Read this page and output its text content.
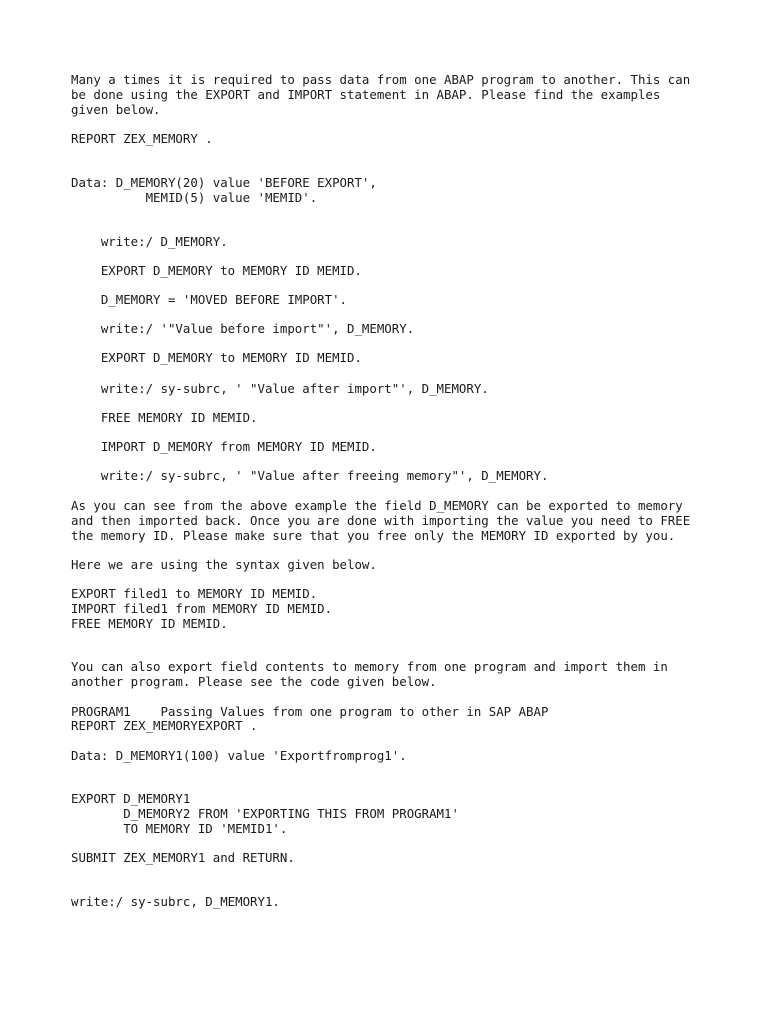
Many a times it is required to pass data from one ABAP program to another. This can

be done using the EXPORT and IMPORT statement in ABAP. Please find the examples

given below.

REPORT ZEX_MEMORY .

Data: D_MEMORY(20) value 'BEFORE EXPORT',

MEMID(5) value 'MEMID'.

write:/ D_MEMORY.

EXPORT D_MEMORY to MEMORY ID MEMID.

D_MEMORY = 'MOVED BEFORE IMPORT'.

write:/ '"Value before import"', D_MEMORY.

EXPORT D_MEMORY to MEMORY ID MEMID.

write:/ sy-subrc, ' "Value after import"', D_MEMORY.

FREE MEMORY ID MEMID.

IMPORT D_MEMORY from MEMORY ID MEMID.

write:/ sy-subrc, ' "Value after freeing memory"', D_MEMORY.

As you can see from the above example the field D_MEMORY can be exported to memory

and then imported back. Once you are done with importing the value you need to FREE

the memory ID. Please make sure that you free only the MEMORY ID exported by you.

Here we are using the syntax given below.

EXPORT filed1 to MEMORY ID MEMID.

IMPORT filed1 from MEMORY ID MEMID.

FREE MEMORY ID MEMID.

You can also export field contents to memory from one program and import them in

another program. Please see the code given below.

PROGRAM1    Passing Values from one program to other in SAP ABAP

REPORT ZEX_MEMORYEXPORT .

Data: D_MEMORY1(100) value 'Exportfromprog1'.

EXPORT D_MEMORY1

D_MEMORY2 FROM 'EXPORTING THIS FROM PROGRAM1'

TO MEMORY ID 'MEMID1'.

SUBMIT ZEX_MEMORY1 and RETURN.

write:/ sy-subrc, D_MEMORY1.
